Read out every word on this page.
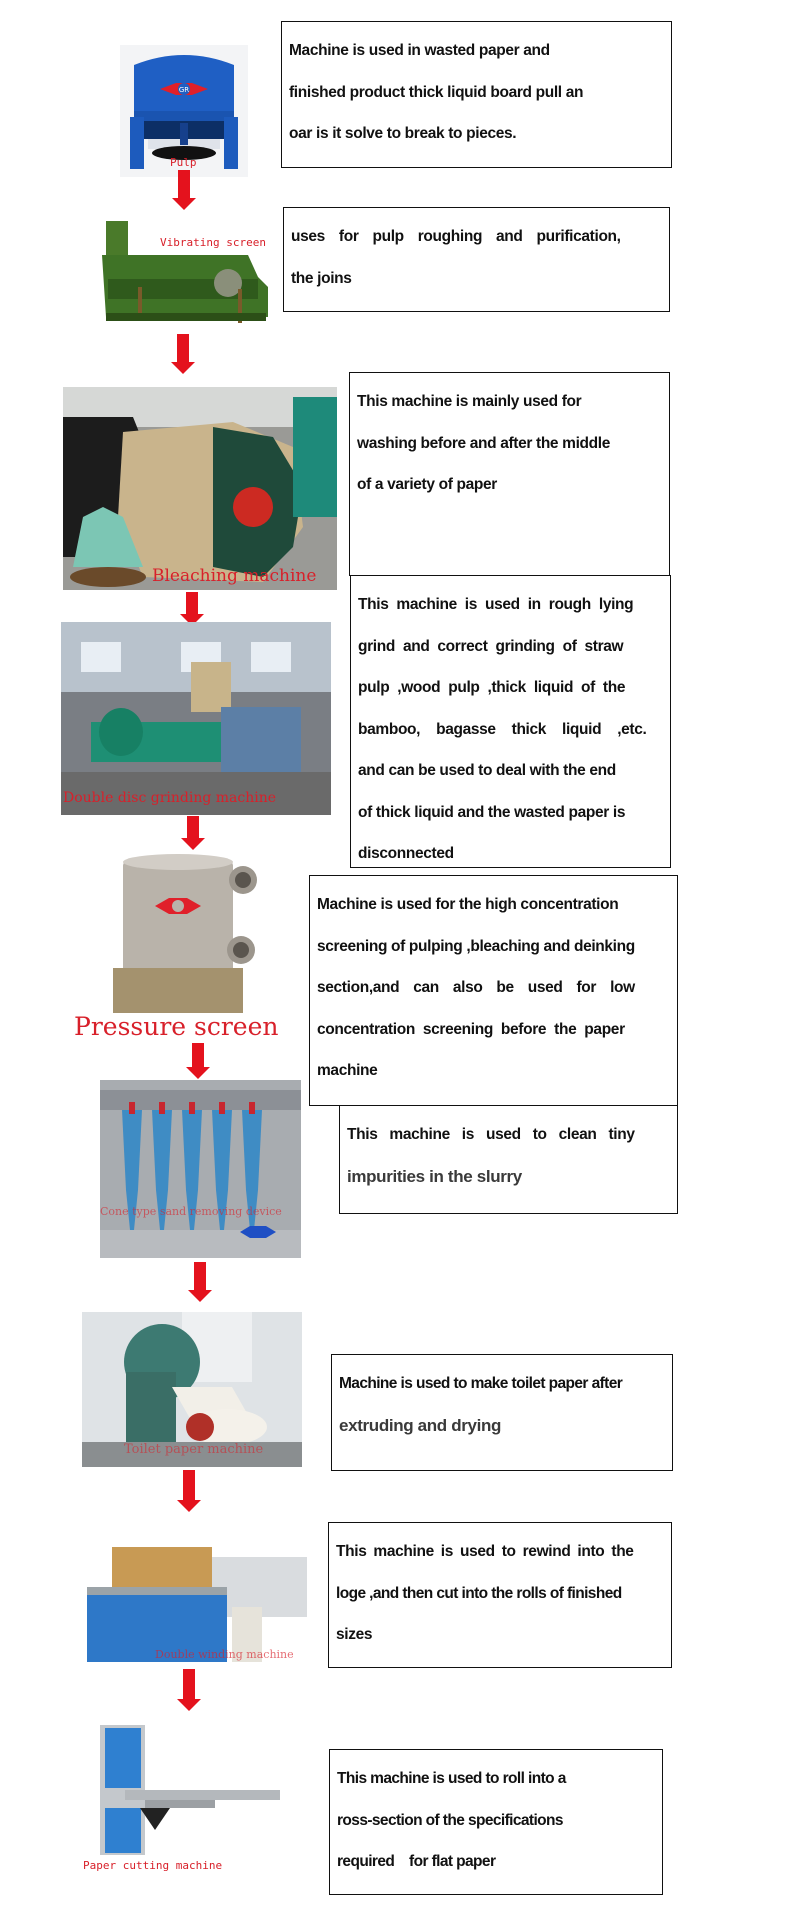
GR
Pulp

Machine is used in wasted paper and

finished product thick liquid board pull an

oar is it solve to break to pieces.

Vibrating screen uses for pulp roughing and purification,

the joins

Bleaching machine

This machine is mainly used for

washing before and after the middle

of a variety of paper

Double disc grinding machine

This machine is used in rough lying

grind and correct grinding of straw

pulp ,wood pulp ,thick liquid of the

bamboo, bagasse thick liquid ,etc.

and can be used to deal with the end

of thick liquid and the wasted paper is

disconnected

Pressure screen

Machine is used for the high concentration

screening of pulping ,bleaching and deinking

section,and can also be used for low

concentration screening before the paper

machine

Cone type sand removing device

This machine is used to clean tiny

impurities in the slurry

Toilet paper machine

Machine is used to make toilet paper after

extruding and drying

Double winding machine

This machine is used to rewind into the

loge ,and then cut into the rolls of finished

sizes

Paper cutting machine

This machine is used to roll into a

ross-section of the specifications

required    for flat paper
